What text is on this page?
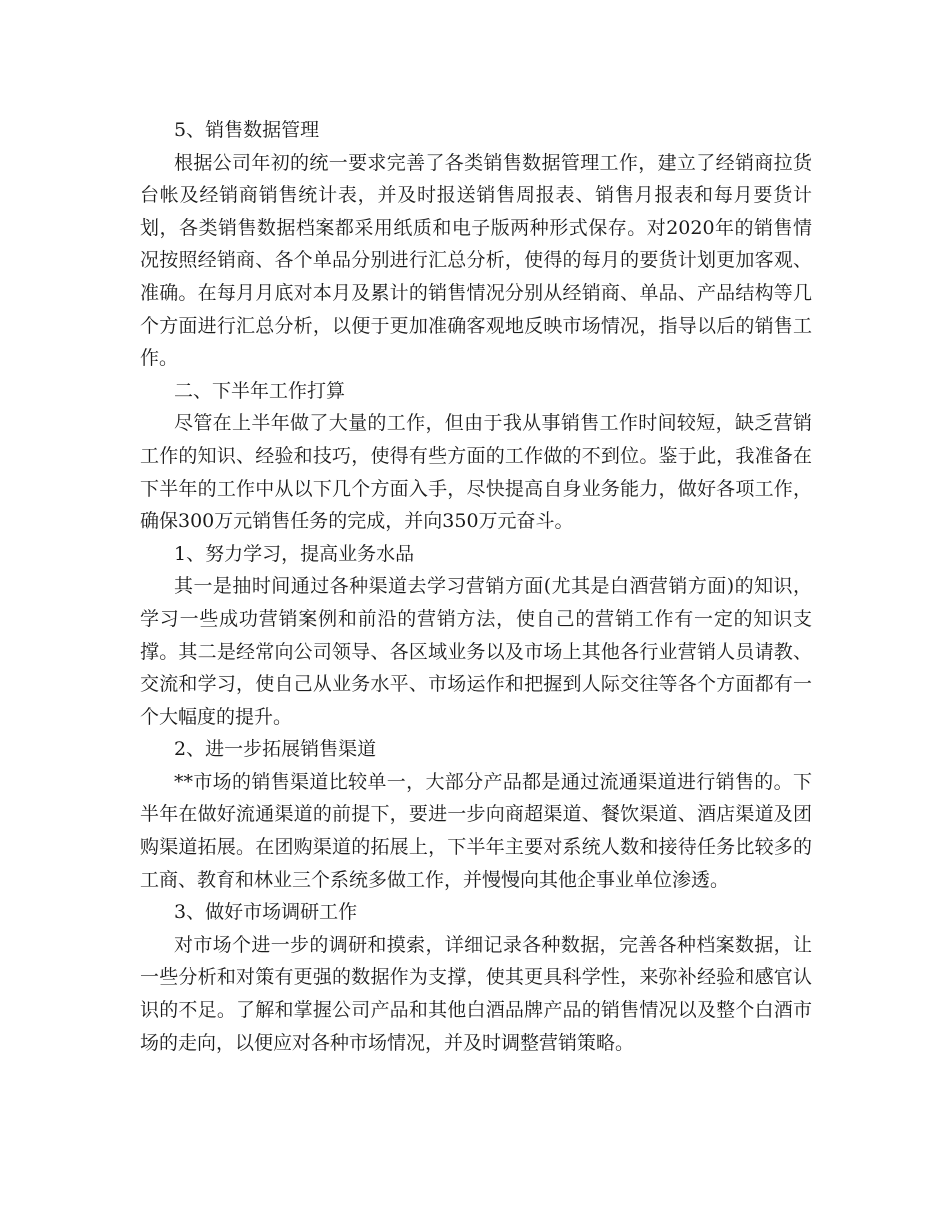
5、销售数据管理

根据公司年初的统一要求完善了各类销售数据管理工作，建立了经销商拉货台帐及经销商销售统计表，并及时报送销售周报表、销售月报表和每月要货计划，各类销售数据档案都采用纸质和电子版两种形式保存。对2020年的销售情况按照经销商、各个单品分别进行汇总分析，使得的每月的要货计划更加客观、准确。在每月月底对本月及累计的销售情况分别从经销商、单品、产品结构等几个方面进行汇总分析，以便于更加准确客观地反映市场情况，指导以后的销售工作。

二、下半年工作打算

尽管在上半年做了大量的工作，但由于我从事销售工作时间较短，缺乏营销工作的知识、经验和技巧，使得有些方面的工作做的不到位。鉴于此，我准备在下半年的工作中从以下几个方面入手，尽快提高自身业务能力，做好各项工作，确保300万元销售任务的完成，并向350万元奋斗。

1、努力学习，提高业务水品

其一是抽时间通过各种渠道去学习营销方面(尤其是白酒营销方面)的知识，学习一些成功营销案例和前沿的营销方法，使自己的营销工作有一定的知识支撑。其二是经常向公司领导、各区域业务以及市场上其他各行业营销人员请教、交流和学习，使自己从业务水平、市场运作和把握到人际交往等各个方面都有一个大幅度的提升。

2、进一步拓展销售渠道

**市场的销售渠道比较单一，大部分产品都是通过流通渠道进行销售的。下半年在做好流通渠道的前提下，要进一步向商超渠道、餐饮渠道、酒店渠道及团购渠道拓展。在团购渠道的拓展上，下半年主要对系统人数和接待任务比较多的工商、教育和林业三个系统多做工作，并慢慢向其他企事业单位渗透。

3、做好市场调研工作

对市场个进一步的调研和摸索，详细记录各种数据，完善各种档案数据，让一些分析和对策有更强的数据作为支撑，使其更具科学性，来弥补经验和感官认识的不足。了解和掌握公司产品和其他白酒品牌产品的销售情况以及整个白酒市场的走向，以便应对各种市场情况，并及时调整营销策略。
